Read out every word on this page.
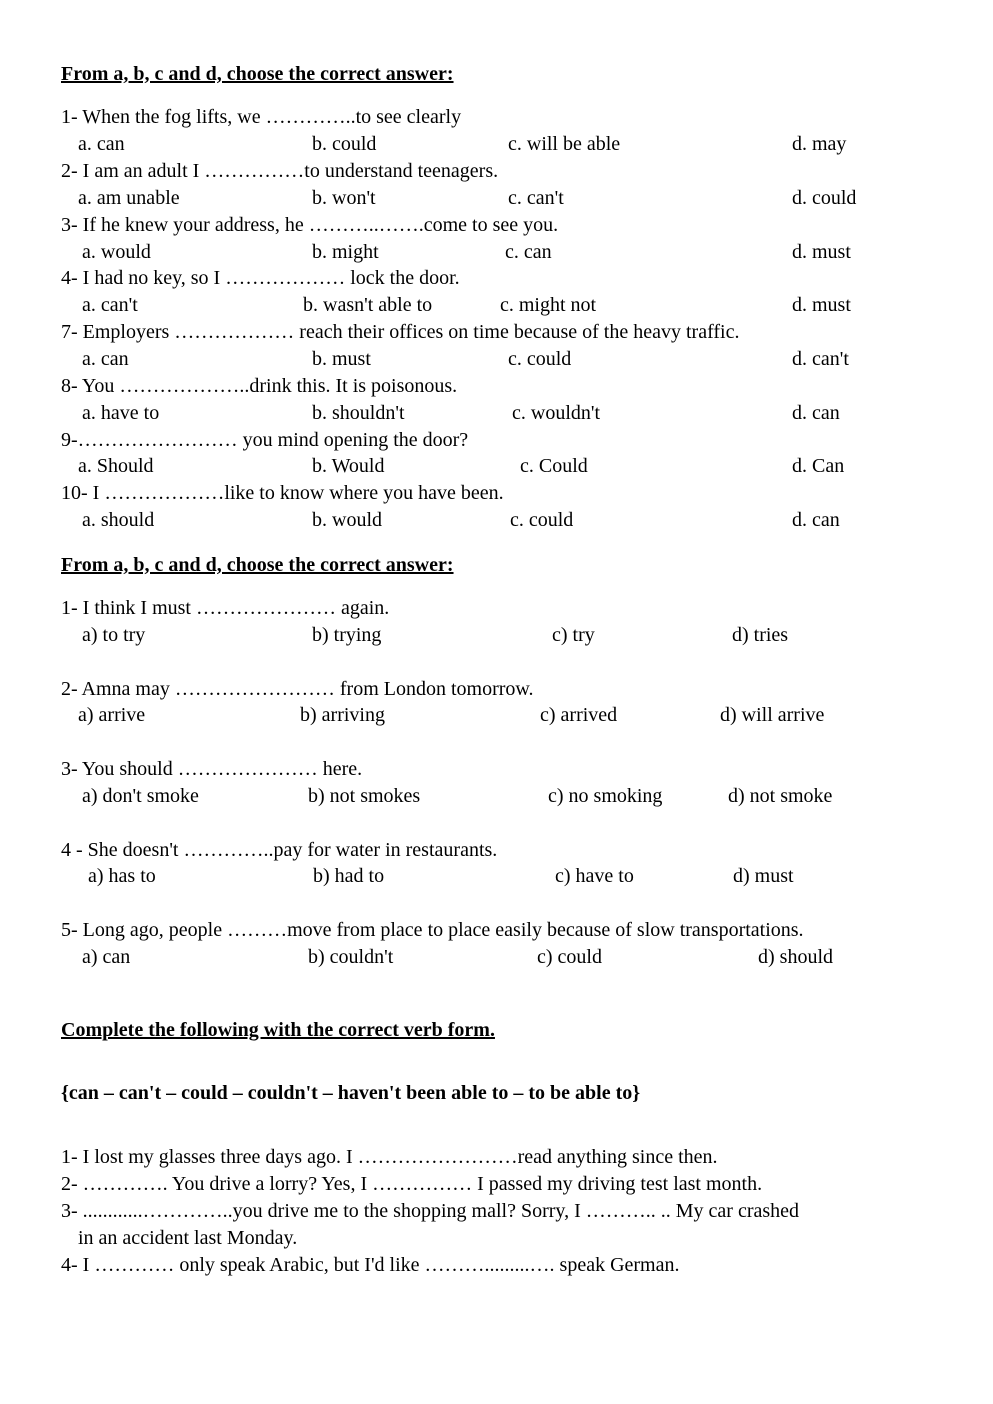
From a, b, c and d, choose the correct answer:
1- When the fog lifts, we …………..to see clearly
a. can	b. could	c. will be able	d. may
2- I am an adult I ……………to understand teenagers.
a. am unable	b. won't	c. can't	d. could
3- If he knew your address, he ………..…….come to see you.
a. would	b. might	c. can	d. must
4- I had no key, so I ……………… lock the door.
a. can't	b. wasn't able to	c. might not	d. must
7- Employers ……………… reach their offices on time because of the heavy traffic.
a. can	b. must	c. could	d. can't
8- You ………………..drink this. It is poisonous.
a. have to	b. shouldn't	c. wouldn't	d. can
9-…………………… you mind opening the door?
a. Should	b. Would	c. Could	d. Can
10- I ………………like to know where you have been.
a. should	b. would	c. could	d. can
From a, b, c and d, choose the correct answer:
1- I think I must ………………… again.
a) to try	b) trying	c) try	d) tries
2- Amna may …………………… from London tomorrow.
a) arrive	b) arriving	c) arrived	d) will arrive
3- You should ………………… here.
a) don't smoke	b) not smokes	c) no smoking	d) not smoke
4 - She doesn't …………..pay for water in restaurants.
a) has to	b) had to	c) have to	d) must
5- Long ago, people ………move from place to place easily because of slow transportations.
a) can	b) couldn't	c) could	d) should
Complete the following with the correct verb form.
{can – can't – could – couldn't – haven't been able to – to be able to}
1- I lost my glasses three days ago. I ……………………read anything since then.
2- …………. You drive a lorry? Yes, I …………… I passed my driving test last month.
3- ............…………..you drive me to the shopping mall? Sorry, I ……….. .. My car crashed
in an accident last Monday.
4- I ………… only speak Arabic, but I'd like ……….........…. speak German.
